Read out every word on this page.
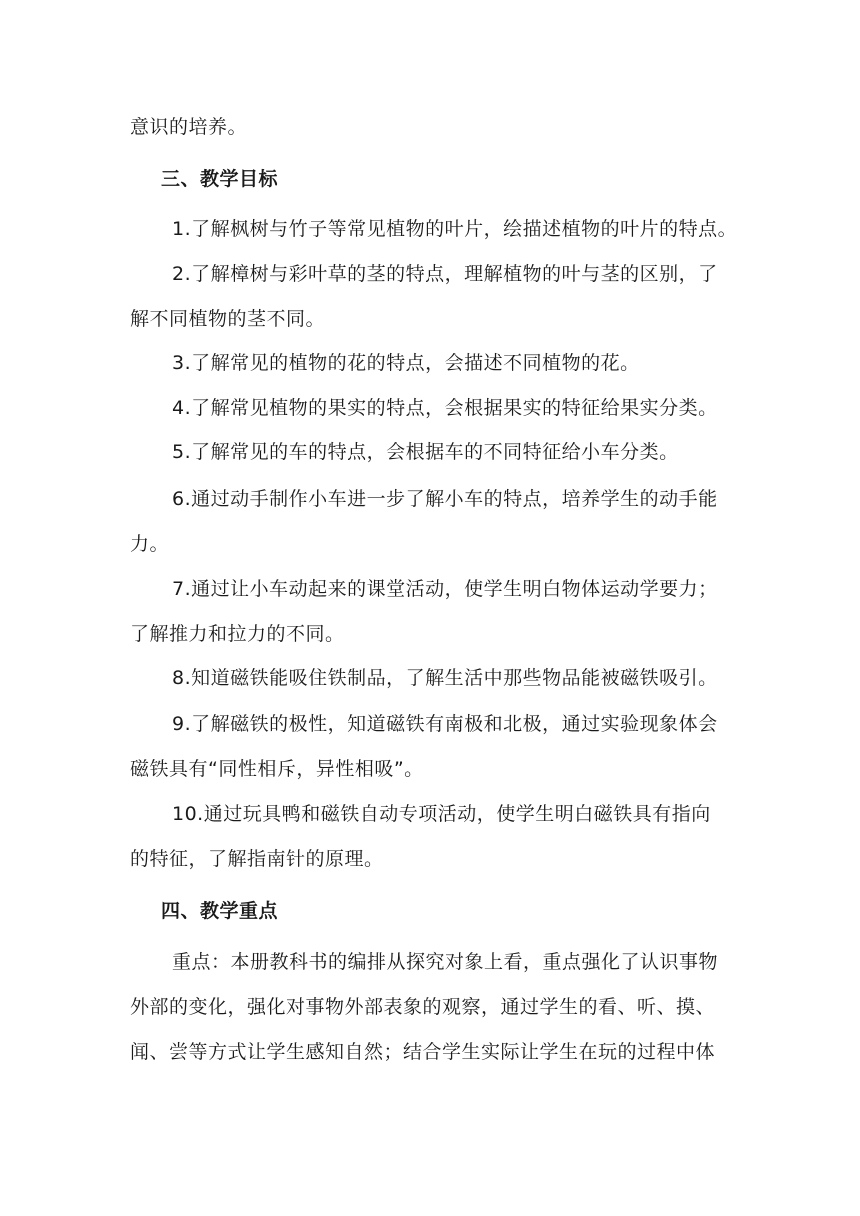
意识的培养。
三、教学目标
1.了解枫树与竹子等常见植物的叶片，绘描述植物的叶片的特点。
2.了解樟树与彩叶草的茎的特点，理解植物的叶与茎的区别，了
解不同植物的茎不同。
3.了解常见的植物的花的特点，会描述不同植物的花。
4.了解常见植物的果实的特点，会根据果实的特征给果实分类。
5.了解常见的车的特点，会根据车的不同特征给小车分类。
6.通过动手制作小车进一步了解小车的特点，培养学生的动手能
力。
7.通过让小车动起来的课堂活动，使学生明白物体运动学要力；
了解推力和拉力的不同。
8.知道磁铁能吸住铁制品，了解生活中那些物品能被磁铁吸引。
9.了解磁铁的极性，知道磁铁有南极和北极，通过实验现象体会
磁铁具有“同性相斥，异性相吸”。
10.通过玩具鸭和磁铁自动专项活动，使学生明白磁铁具有指向
的特征，了解指南针的原理。
四、教学重点
重点：本册教科书的编排从探究对象上看，重点强化了认识事物
外部的变化，强化对事物外部表象的观察，通过学生的看、听、摸、
闻、尝等方式让学生感知自然；结合学生实际让学生在玩的过程中体
